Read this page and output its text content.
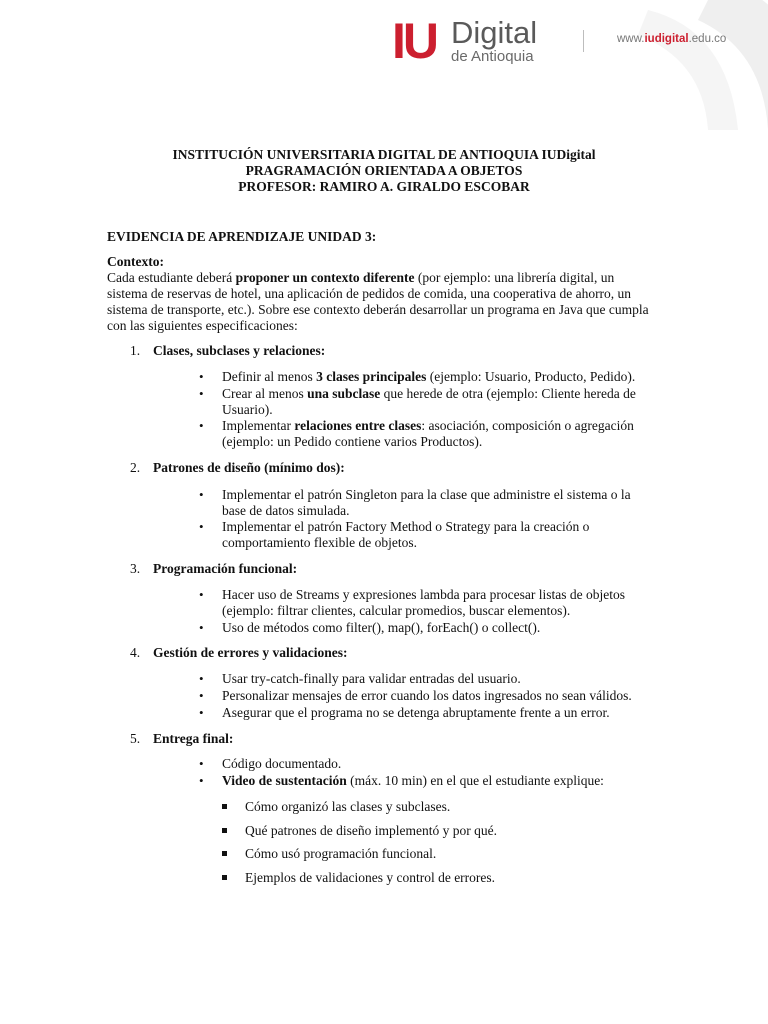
IU Digital
de Antioquia
www.iudigital.edu.co

INSTITUCIÓN UNIVERSITARIA DIGITAL DE ANTIOQUIA IUDigital

PRAGRAMACIÓN ORIENTADA A OBJETOS

PROFESOR: RAMIRO A. GIRALDO ESCOBAR

EVIDENCIA DE APRENDIZAJE UNIDAD 3:

Contexto:

Cada estudiante deberá proponer un contexto diferente (por ejemplo: una librería digital, un

sistema de reservas de hotel, una aplicación de pedidos de comida, una cooperativa de ahorro, un

sistema de transporte, etc.). Sobre ese contexto deberán desarrollar un programa en Java que cumpla

con las siguientes especificaciones:

1. Clases, subclases y relaciones:
• Definir al menos 3 clases principales (ejemplo: Usuario, Producto, Pedido).
• Crear al menos una subclase que herede de otra (ejemplo: Cliente hereda de
Usuario).
• Implementar relaciones entre clases: asociación, composición o agregación
(ejemplo: un Pedido contiene varios Productos).
2. Patrones de diseño (mínimo dos):
• Implementar el patrón Singleton para la clase que administre el sistema o la
base de datos simulada.
• Implementar el patrón Factory Method o Strategy para la creación o
comportamiento flexible de objetos.
3. Programación funcional:
• Hacer uso de Streams y expresiones lambda para procesar listas de objetos
(ejemplo: filtrar clientes, calcular promedios, buscar elementos).
• Uso de métodos como filter(), map(), forEach() o collect().
4. Gestión de errores y validaciones:
• Usar try-catch-finally para validar entradas del usuario.
• Personalizar mensajes de error cuando los datos ingresados no sean válidos.
• Asegurar que el programa no se detenga abruptamente frente a un error.
5. Entrega final:
• Código documentado.
• Video de sustentación (máx. 10 min) en el que el estudiante explique:
Cómo organizó las clases y subclases.
Qué patrones de diseño implementó y por qué.
Cómo usó programación funcional.
Ejemplos de validaciones y control de errores.
